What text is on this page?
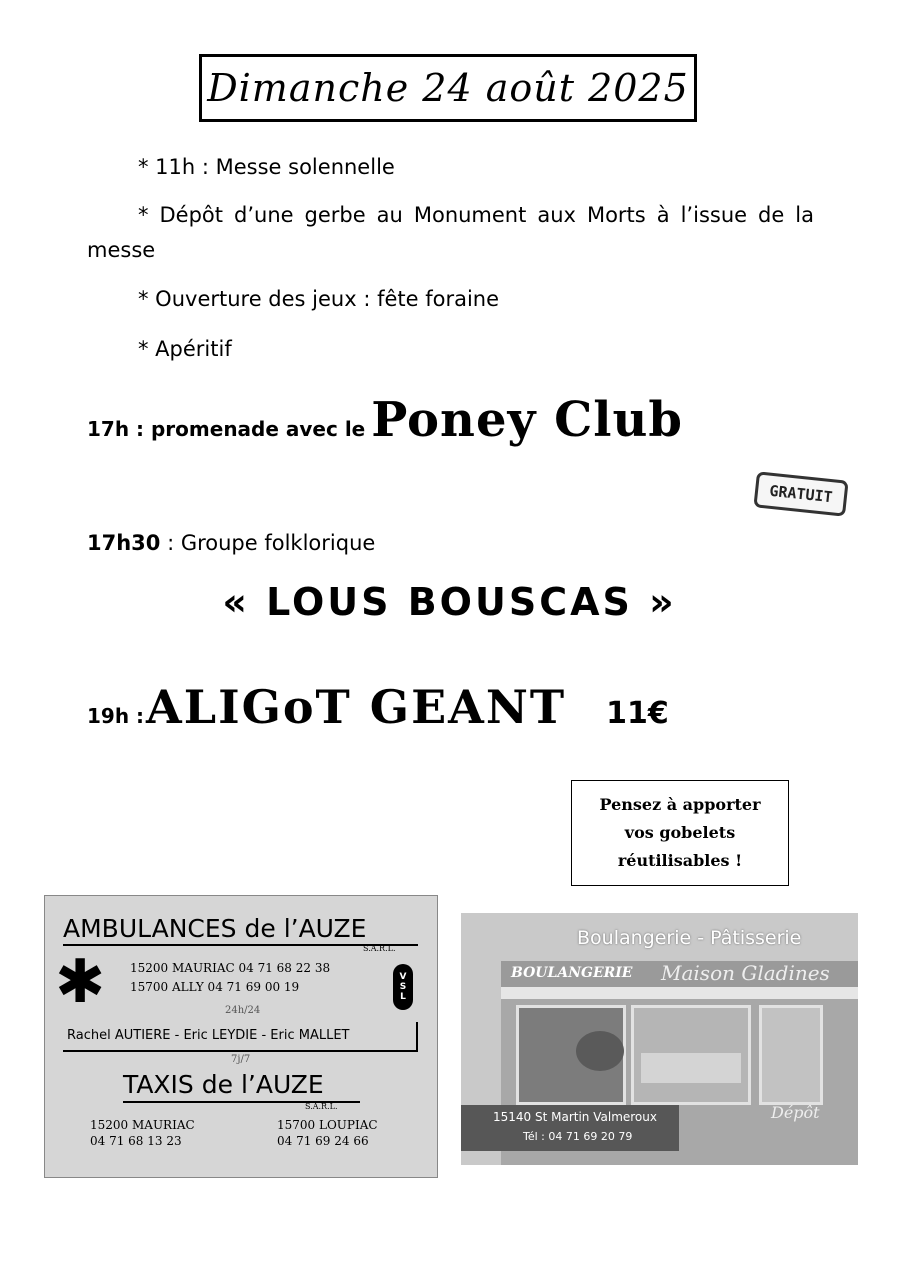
Dimanche 24 août 2025
* 11h : Messe solennelle
* Dépôt d’une gerbe au Monument aux Morts à l’issue de la messe
* Ouverture des jeux : fête foraine
* Apéritif
17h : promenade avec le Poney Club
GRATUIT
17h30 : Groupe folklorique
« LOUS BOUSCAS »
19h : ALIGoT GEANT 11€
Pensez à apporter
vos gobelets
réutilisables !
AMBULANCES de l’AUZE
S.A.R.L.
✱ 15200 MAURIAC 04 71 68 22 38
15700 ALLY 04 71 69 00 19	VSL
24h/24
Rachel AUTIERE - Eric LEYDIE - Eric MALLET
7j/7
TAXIS de l’AUZE
S.A.R.L.
15200 MAURIAC
04 71 68 13 23
15700 LOUPIAC
04 71 69 24 66
Boulangerie - Pâtisserie
BOULANGERIE Maison Gladines
Dépôt
15140 St Martin Valmeroux
Tél : 04 71 69 20 79
